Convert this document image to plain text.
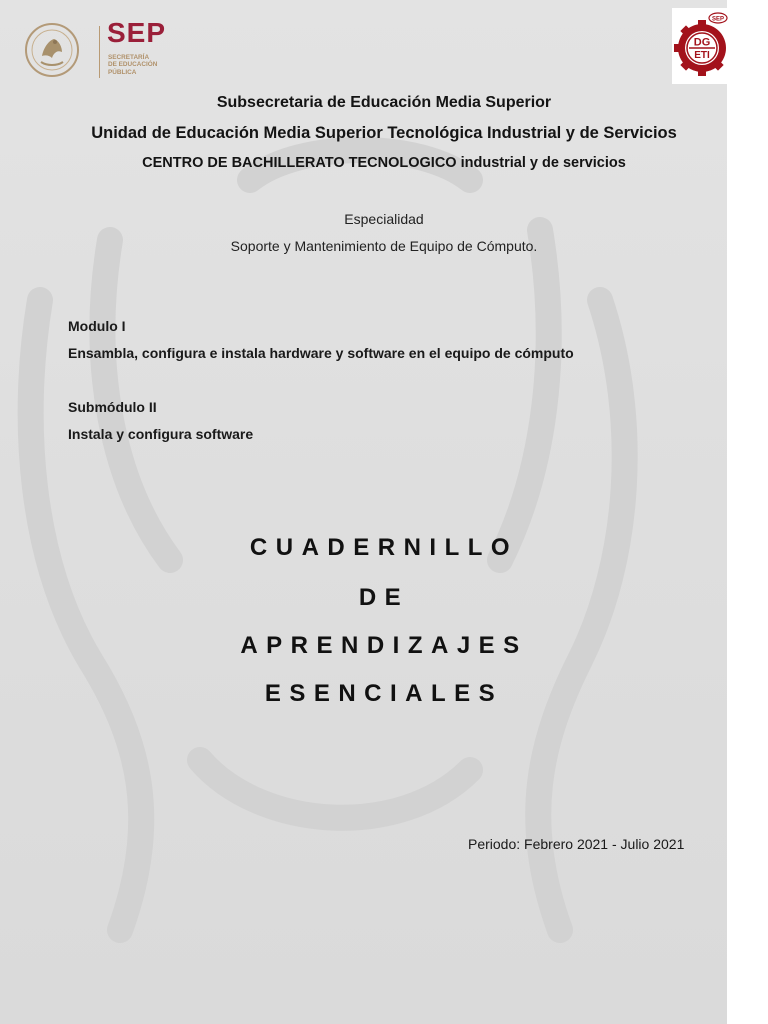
SEP
SECRETARÍA
DE EDUCACIÓN
PÚBLICA
Subsecretaria de Educación Media Superior
Unidad de Educación Media Superior Tecnológica Industrial y de Servicios
CENTRO DE BACHILLERATO TECNOLOGICO industrial y de servicios
Especialidad
Soporte y Mantenimiento de Equipo de Cómputo.
Modulo I
Ensambla, configura e instala hardware y software en el equipo de cómputo
Submódulo II
Instala y configura software
CUADERNILLO
DE
APRENDIZAJES
ESENCIALES
Periodo: Febrero 2021 - Julio 2021
DG
ETI
SEP
